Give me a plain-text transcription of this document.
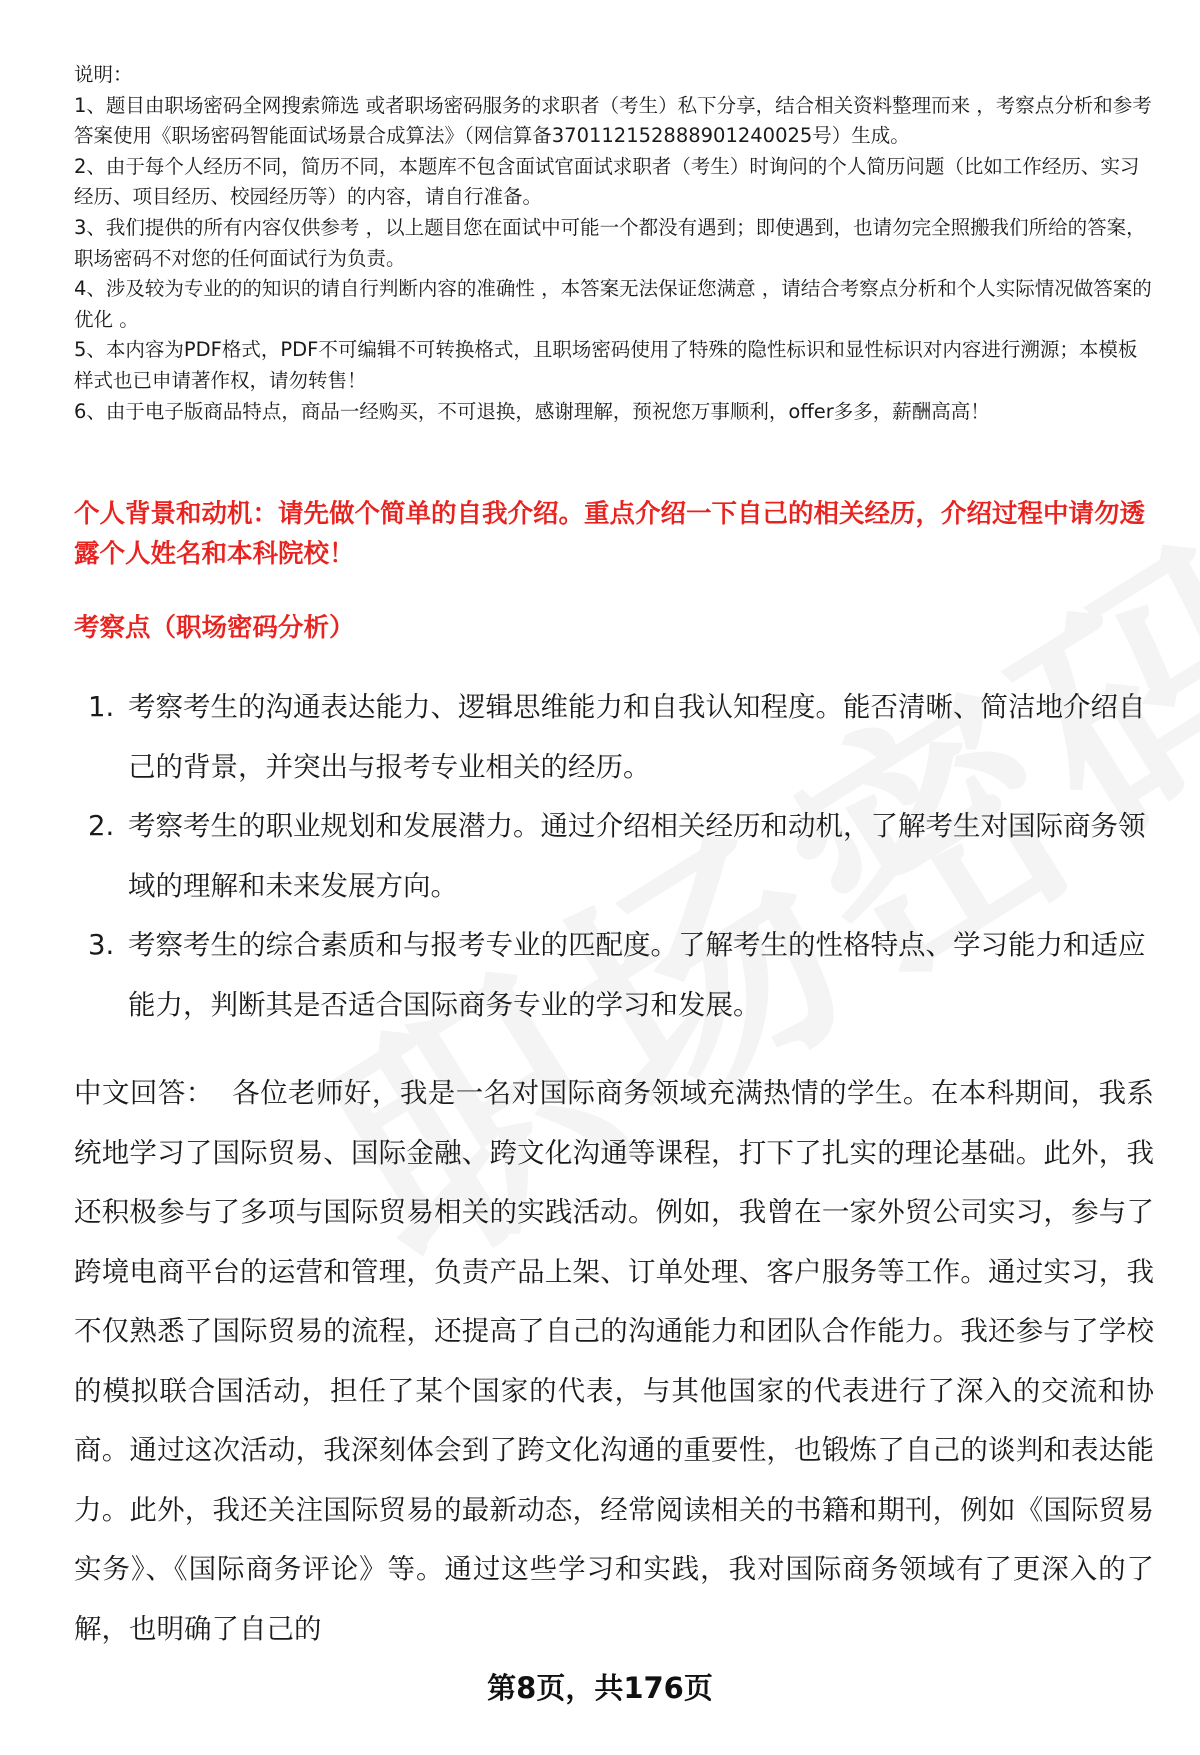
说明：

1、题目由职场密码全网搜索筛选 或者职场密码服务的求职者（考生）私下分享，结合相关资料整理而来 ，考察点分析和参考答案使用《职场密码智能面试场景合成算法》（网信算备370112152888901240025号）生成。

2、由于每个人经历不同，简历不同，本题库不包含面试官面试求职者（考生）时询问的个人简历问题（比如工作经历、实习经历、项目经历、校园经历等）的内容，请自行准备。

3、我们提供的所有内容仅供参考 ，以上题目您在面试中可能一个都没有遇到；即使遇到，也请勿完全照搬我们所给的答案，职场密码不对您的任何面试行为负责。

4、涉及较为专业的的知识的请自行判断内容的准确性 ，本答案无法保证您满意 ，请结合考察点分析和个人实际情况做答案的优化 。

5、本内容为PDF格式，PDF不可编辑不可转换格式，且职场密码使用了特殊的隐性标识和显性标识对内容进行溯源；本模板样式也已申请著作权，请勿转售！

6、由于电子版商品特点，商品一经购买，不可退换，感谢理解，预祝您万事顺利，offer多多，薪酬高高！

个人背景和动机：请先做个简单的自我介绍。重点介绍一下自己的相关经历，介绍过程中请勿透露个人姓名和本科院校！
考察点（职场密码分析）
1. 考察考生的沟通表达能力、逻辑思维能力和自我认知程度。能否清晰、简洁地介绍自己的背景，并突出与报考专业相关的经历。
2. 考察考生的职业规划和发展潜力。通过介绍相关经历和动机，了解考生对国际商务领域的理解和未来发展方向。
3. 考察考生的综合素质和与报考专业的匹配度。了解考生的性格特点、学习能力和适应能力，判断其是否适合国际商务专业的学习和发展。

中文回答： 各位老师好，我是一名对国际商务领域充满热情的学生。在本科期间，我系统地学习了国际贸易、国际金融、跨文化沟通等课程，打下了扎实的理论基础。此外，我还积极参与了多项与国际贸易相关的实践活动。例如，我曾在一家外贸公司实习，参与了跨境电商平台的运营和管理，负责产品上架、订单处理、客户服务等工作。通过实习，我不仅熟悉了国际贸易的流程，还提高了自己的沟通能力和团队合作能力。我还参与了学校的模拟联合国活动，担任了某个国家的代表，与其他国家的代表进行了深入的交流和协商。通过这次活动，我深刻体会到了跨文化沟通的重要性，也锻炼了自己的谈判和表达能力。此外，我还关注国际贸易的最新动态，经常阅读相关的书籍和期刊，例如《国际贸易实务》、《国际商务评论》等。通过这些学习和实践，我对国际商务领域有了更深入的了解，也明确了自己的

第8页，共176页
